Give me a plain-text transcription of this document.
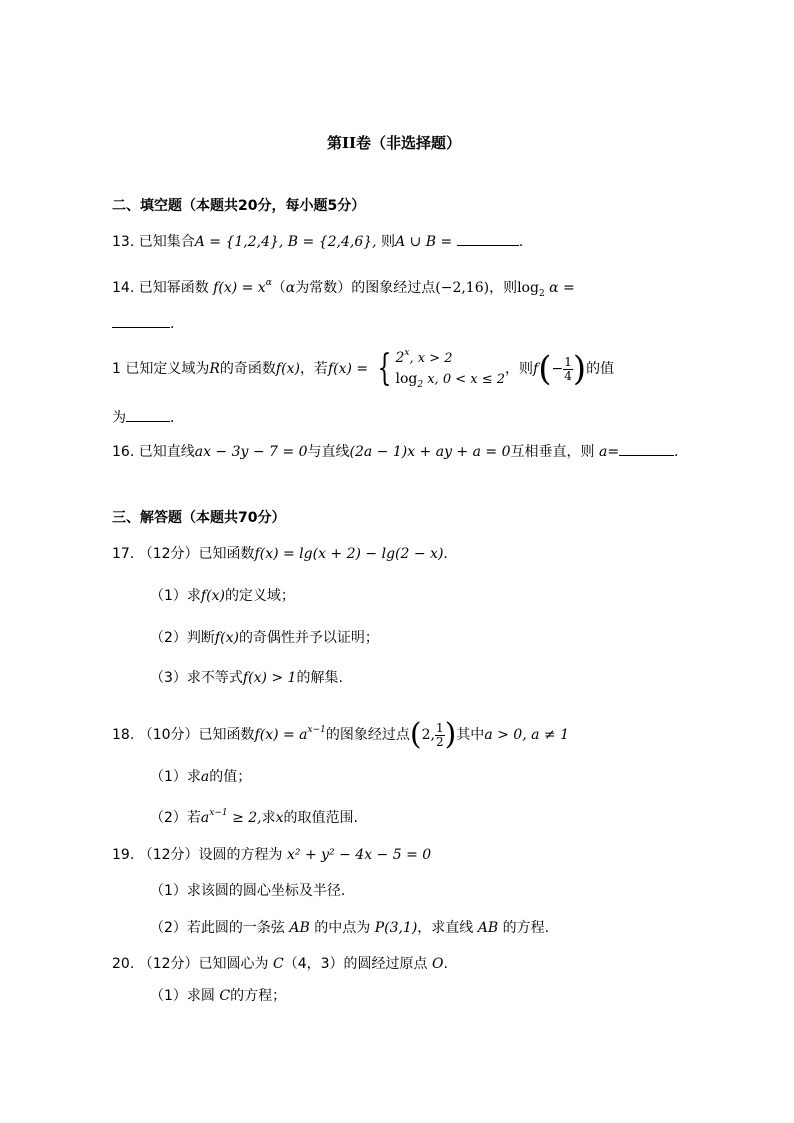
第II卷（非选择题）
二、填空题（本题共20分，每小题5分）
13. 已知集合A = {1,2,4}, B = {2,4,6}, 则A ∪ B =	.
14. 已知幂函数 $f(x) = x^\alpha(\alpha$为常数）的图象经过点(−2,16)，则$\log_2 \alpha$ =
.
1 已知定义域为R的奇函数f(x)，若f(x) = { 2$^x$, x > 2
$\log_2 x$, 0 < x ≤ 2
，则$f(- \frac{1}{4}$ )的值
为	.
16. 已知直线ax − 3y − 7 = 0与直线(2a − 1)x + ay + a = 0互相垂直，则 a=	.
三、解答题（本题共70分）
17. （12分）已知函数f(x) = lg(x + 2) − lg(2 − x).
（1）求f(x)的定义域；
（2）判断f(x)的奇偶性并予以证明；
（3）求不等式f(x) > 1的解集.
18. （10分）已知函数$f(x) = a^{x-1}$的图象经过点(2, $\frac{1}{2}$ )其中a > 0, a ≠ 1
（1）求a的值；
（2）若$a^{x-1} \ge 2$,求x的取值范围.
19. （12分）设圆的方程为 x² + y² − 4x − 5 = 0
（1）求该圆的圆心坐标及半径.
（2）若此圆的一条弦 AB 的中点为 P(3,1)，求直线 AB 的方程.
20. （12分）已知圆心为 C（4，3）的圆经过原点 O.
（1）求圆 C的方程；
